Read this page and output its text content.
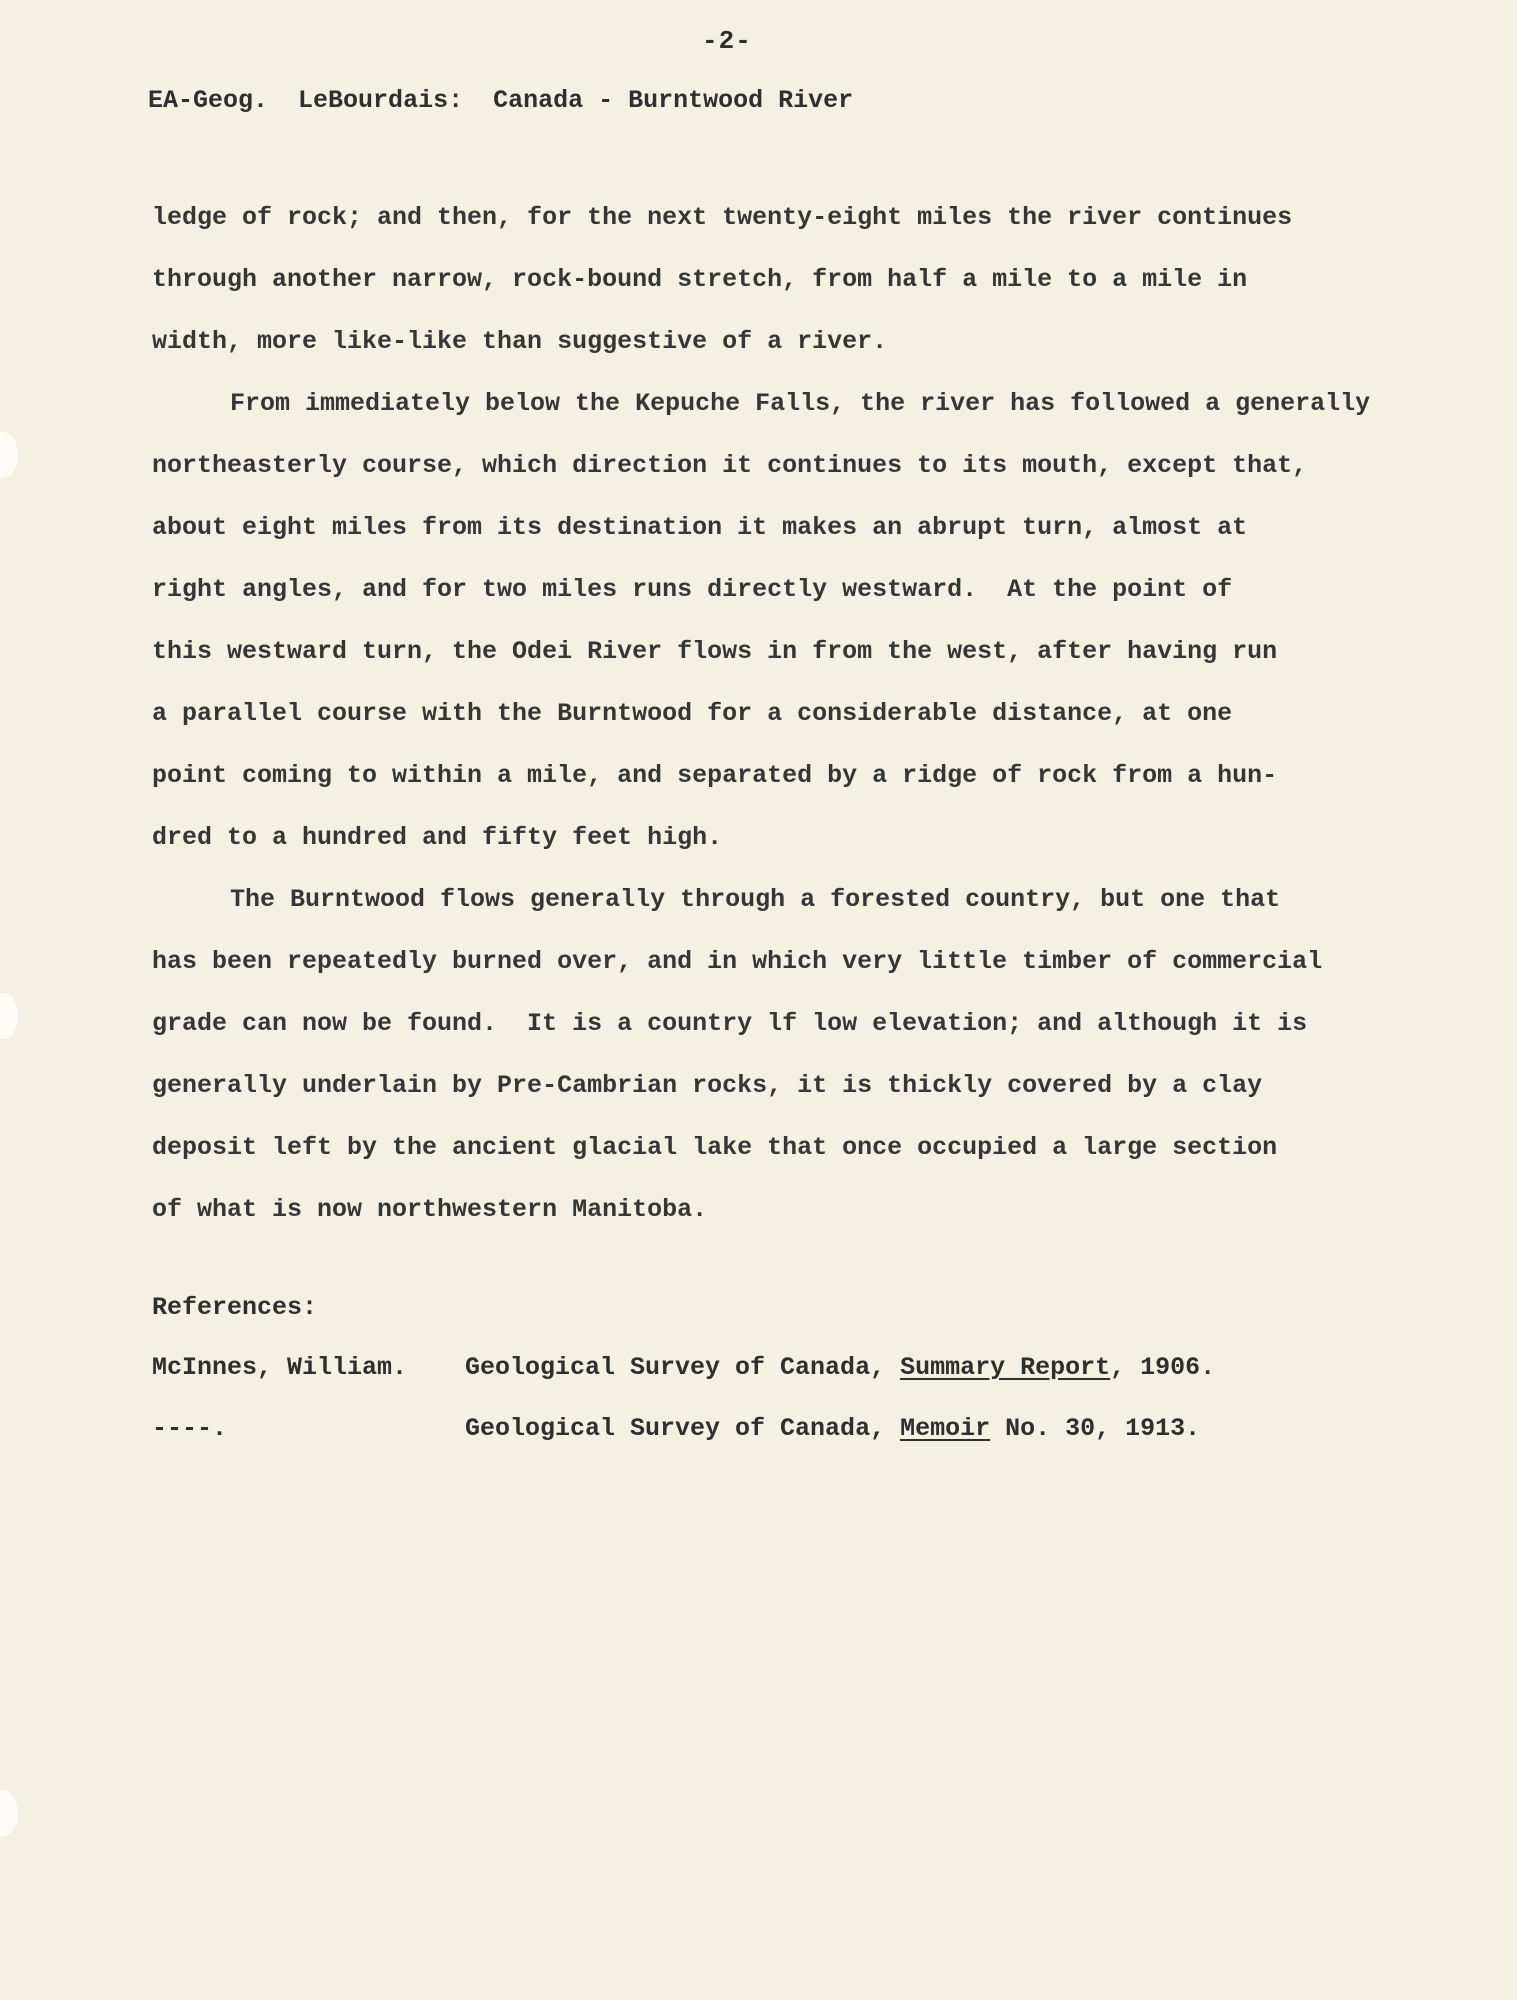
-2-
EA-Geog. LeBourdais: Canada - Burntwood River
ledge of rock; and then, for the next twenty-eight miles the river continues
through another narrow, rock-bound stretch, from half a mile to a mile in
width, more like-like than suggestive of a river.
From immediately below the Kepuche Falls, the river has followed a generally
northeasterly course, which direction it continues to its mouth, except that,
about eight miles from its destination it makes an abrupt turn, almost at
right angles, and for two miles runs directly westward.  At the point of
this westward turn, the Odei River flows in from the west, after having run
a parallel course with the Burntwood for a considerable distance, at one
point coming to within a mile, and separated by a ridge of rock from a hun-
dred to a hundred and fifty feet high.
The Burntwood flows generally through a forested country, but one that
has been repeatedly burned over, and in which very little timber of commercial
grade can now be found.  It is a country lf low elevation; and although it is
generally underlain by Pre-Cambrian rocks, it is thickly covered by a clay
deposit left by the ancient glacial lake that once occupied a large section
of what is now northwestern Manitoba.
References:
McInnes, William. Geological Survey of Canada, Summary Report, 1906.
----.	Geological Survey of Canada, Memoir No. 30, 1913.
